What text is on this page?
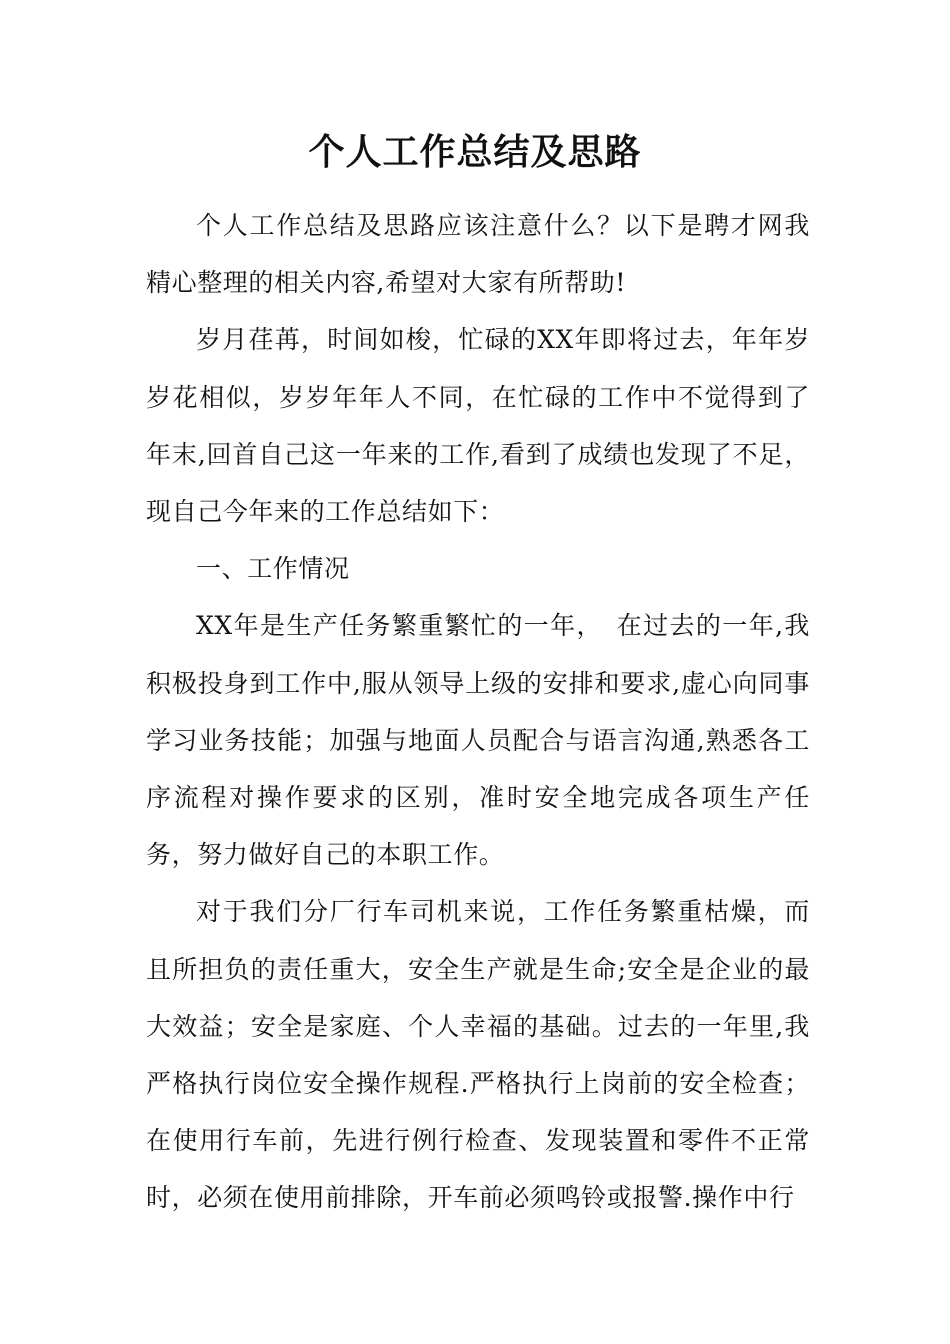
个人工作总结及思路

个人工作总结及思路应该注意什么？以下是聘才网我精心整理的相关内容,希望对大家有所帮助!

岁月荏苒，时间如梭，忙碌的XX年即将过去，年年岁岁花相似，岁岁年年人不同，在忙碌的工作中不觉得到了年末,回首自己这一年来的工作,看到了成绩也发现了不足，现自己今年来的工作总结如下：

一、工作情况

XX年是生产任务繁重繁忙的一年，　在过去的一年,我积极投身到工作中,服从领导上级的安排和要求,虚心向同事学习业务技能；加强与地面人员配合与语言沟通,熟悉各工序流程对操作要求的区别，准时安全地完成各项生产任务，努力做好自己的本职工作。

对于我们分厂行车司机来说，工作任务繁重枯燥，而且所担负的责任重大，安全生产就是生命;安全是企业的最大效益；安全是家庭、个人幸福的基础。过去的一年里,我严格执行岗位安全操作规程.严格执行上岗前的安全检查；在使用行车前，先进行例行检查、发现装置和零件不正常时，必须在使用前排除，开车前必须鸣铃或报警.操作中行
